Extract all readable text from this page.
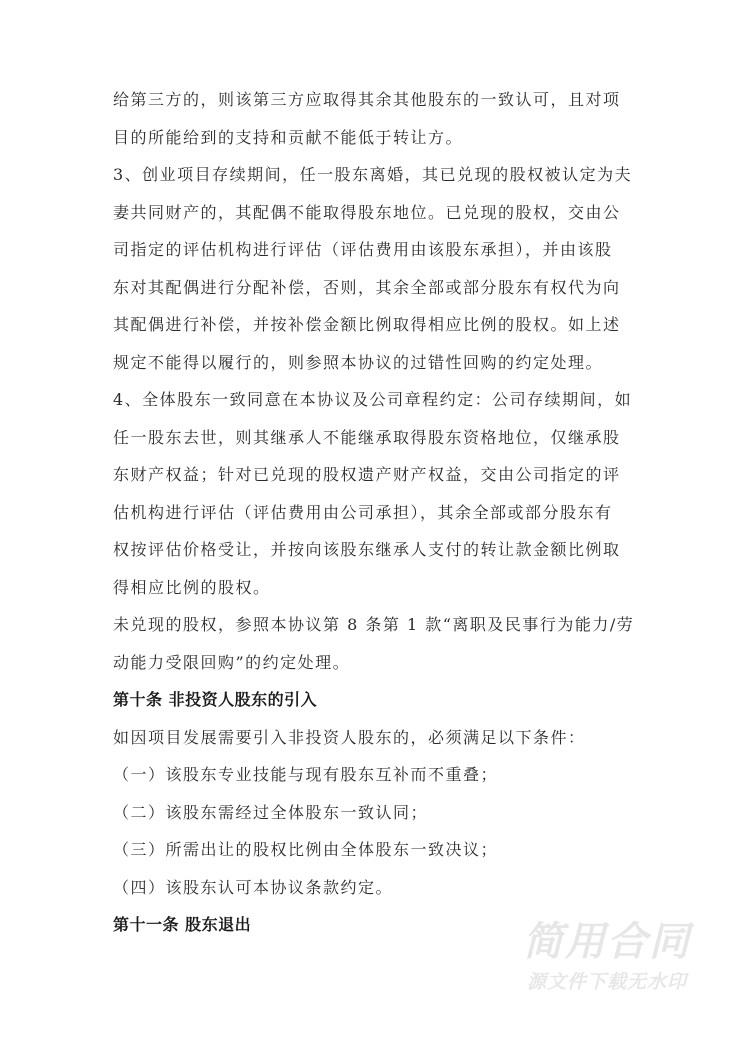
给第三方的，则该第三方应取得其余其他股东的一致认可，且对项
目的所能给到的支持和贡献不能低于转让方。
3、创业项目存续期间，任一股东离婚，其已兑现的股权被认定为夫
妻共同财产的，其配偶不能取得股东地位。已兑现的股权，交由公
司指定的评估机构进行评估（评估费用由该股东承担），并由该股
东对其配偶进行分配补偿，否则，其余全部或部分股东有权代为向
其配偶进行补偿，并按补偿金额比例取得相应比例的股权。如上述
规定不能得以履行的，则参照本协议的过错性回购的约定处理。
4、全体股东一致同意在本协议及公司章程约定：公司存续期间，如
任一股东去世，则其继承人不能继承取得股东资格地位，仅继承股
东财产权益；针对已兑现的股权遗产财产权益，交由公司指定的评
估机构进行评估（评估费用由公司承担），其余全部或部分股东有
权按评估价格受让，并按向该股东继承人支付的转让款金额比例取
得相应比例的股权。
未兑现的股权，参照本协议第 8 条第 1 款“离职及民事行为能力/劳
动能力受限回购”的约定处理。
第十条 非投资人股东的引入
如因项目发展需要引入非投资人股东的，必须满足以下条件：
（一）该股东专业技能与现有股东互补而不重叠；
（二）该股东需经过全体股东一致认同；
（三）所需出让的股权比例由全体股东一致决议；
（四）该股东认可本协议条款约定。
第十一条 股东退出	简用合同
源文件下载无水印
